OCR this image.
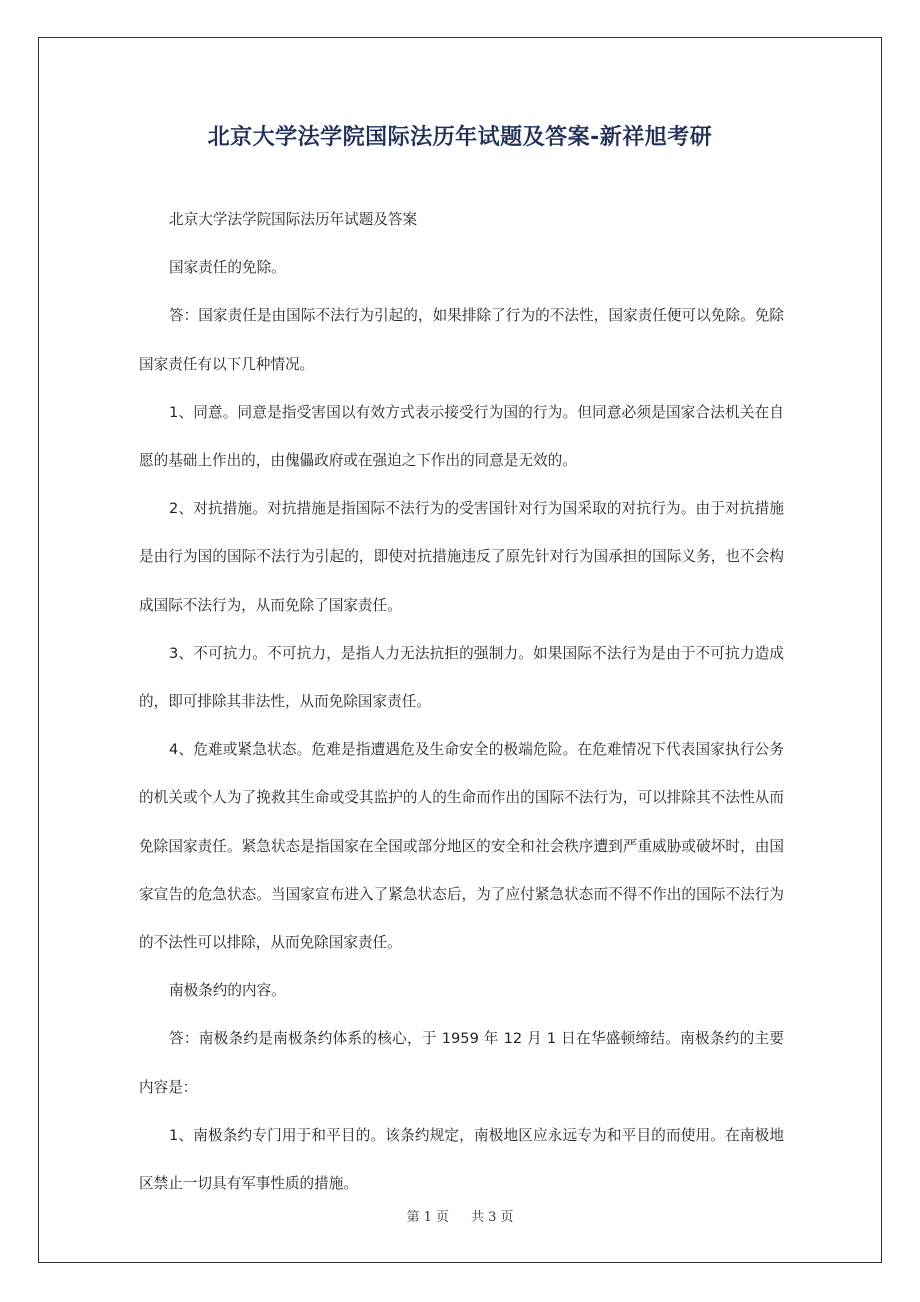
北京大学法学院国际法历年试题及答案-新祥旭考研

北京大学法学院国际法历年试题及答案

国家责任的免除。

答：国家责任是由国际不法行为引起的，如果排除了行为的不法性，国家责任便可以免除。免除国家责任有以下几种情况。

1、同意。同意是指受害国以有效方式表示接受行为国的行为。但同意必须是国家合法机关在自愿的基础上作出的，由傀儡政府或在强迫之下作出的同意是无效的。

2、对抗措施。对抗措施是指国际不法行为的受害国针对行为国采取的对抗行为。由于对抗措施是由行为国的国际不法行为引起的，即使对抗措施违反了原先针对行为国承担的国际义务，也不会构成国际不法行为，从而免除了国家责任。

3、不可抗力。不可抗力，是指人力无法抗拒的强制力。如果国际不法行为是由于不可抗力造成的，即可排除其非法性，从而免除国家责任。

4、危难或紧急状态。危难是指遭遇危及生命安全的极端危险。在危难情况下代表国家执行公务的机关或个人为了挽救其生命或受其监护的人的生命而作出的国际不法行为，可以排除其不法性从而免除国家责任。紧急状态是指国家在全国或部分地区的安全和社会秩序遭到严重威胁或破坏时，由国家宣告的危急状态。当国家宣布进入了紧急状态后，为了应付紧急状态而不得不作出的国际不法行为的不法性可以排除，从而免除国家责任。

南极条约的内容。

答：南极条约是南极条约体系的核心，于 1959 年 12 月 1 日在华盛顿缔结。南极条约的主要内容是：

1、南极条约专门用于和平目的。该条约规定，南极地区应永远专为和平目的而使用。在南极地区禁止一切具有军事性质的措施。

第 1 页 共 3 页
